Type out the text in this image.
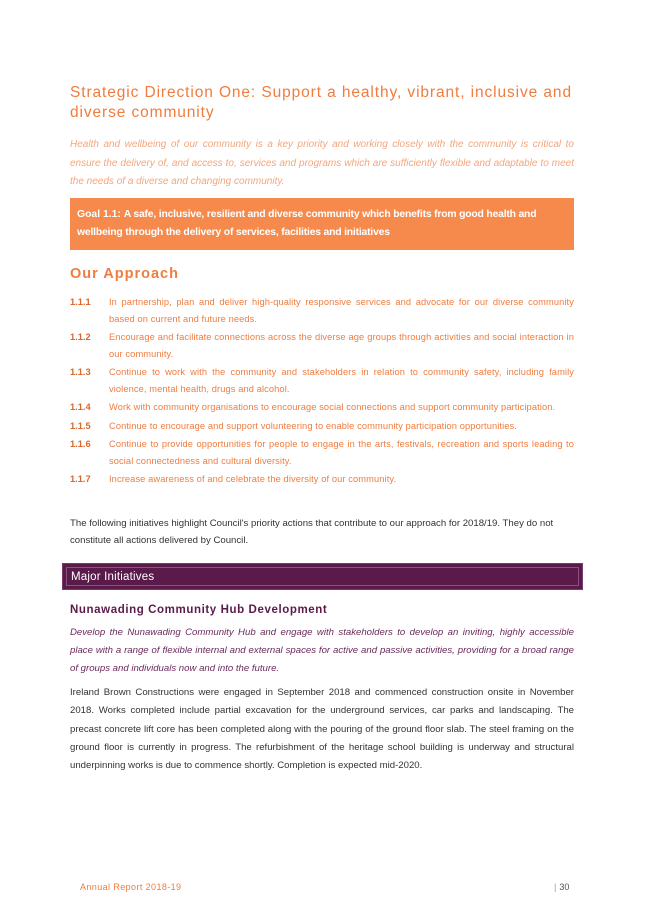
Strategic Direction One: Support a healthy, vibrant, inclusive and diverse community

Health and wellbeing of our community is a key priority and working closely with the community is critical to ensure the delivery of, and access to, services and programs which are sufficiently flexible and adaptable to meet the needs of a diverse and changing community.

Goal 1.1: A safe, inclusive, resilient and diverse community which benefits from good health and wellbeing through the delivery of services, facilities and initiatives
Our Approach
1.1.1	In partnership, plan and deliver high-quality responsive services and advocate for our diverse community based on current and future needs.
1.1.2	Encourage and facilitate connections across the diverse age groups through activities and social interaction in our community.
1.1.3	Continue to work with the community and stakeholders in relation to community safety, including family violence, mental health, drugs and alcohol.
1.1.4	Work with community organisations to encourage social connections and support community participation.
1.1.5	Continue to encourage and support volunteering to enable community participation opportunities.
1.1.6	Continue to provide opportunities for people to engage in the arts, festivals, recreation and sports leading to social connectedness and cultural diversity.
1.1.7	Increase awareness of and celebrate the diversity of our community.

The following initiatives highlight Council's priority actions that contribute to our approach for 2018/19. They do not constitute all actions delivered by Council.

Major Initiatives
Nunawading Community Hub Development

Develop the Nunawading Community Hub and engage with stakeholders to develop an inviting, highly accessible place with a range of flexible internal and external spaces for active and passive activities, providing for a broad range of groups and individuals now and into the future.

Ireland Brown Constructions were engaged in September 2018 and commenced construction onsite in November 2018. Works completed include partial excavation for the underground services, car parks and landscaping. The precast concrete lift core has been completed along with the pouring of the ground floor slab. The steel framing on the ground floor is currently in progress. The refurbishment of the heritage school building is underway and structural underpinning works is due to commence shortly. Completion is expected mid-2020.

Annual Report 2018-19	| 30
